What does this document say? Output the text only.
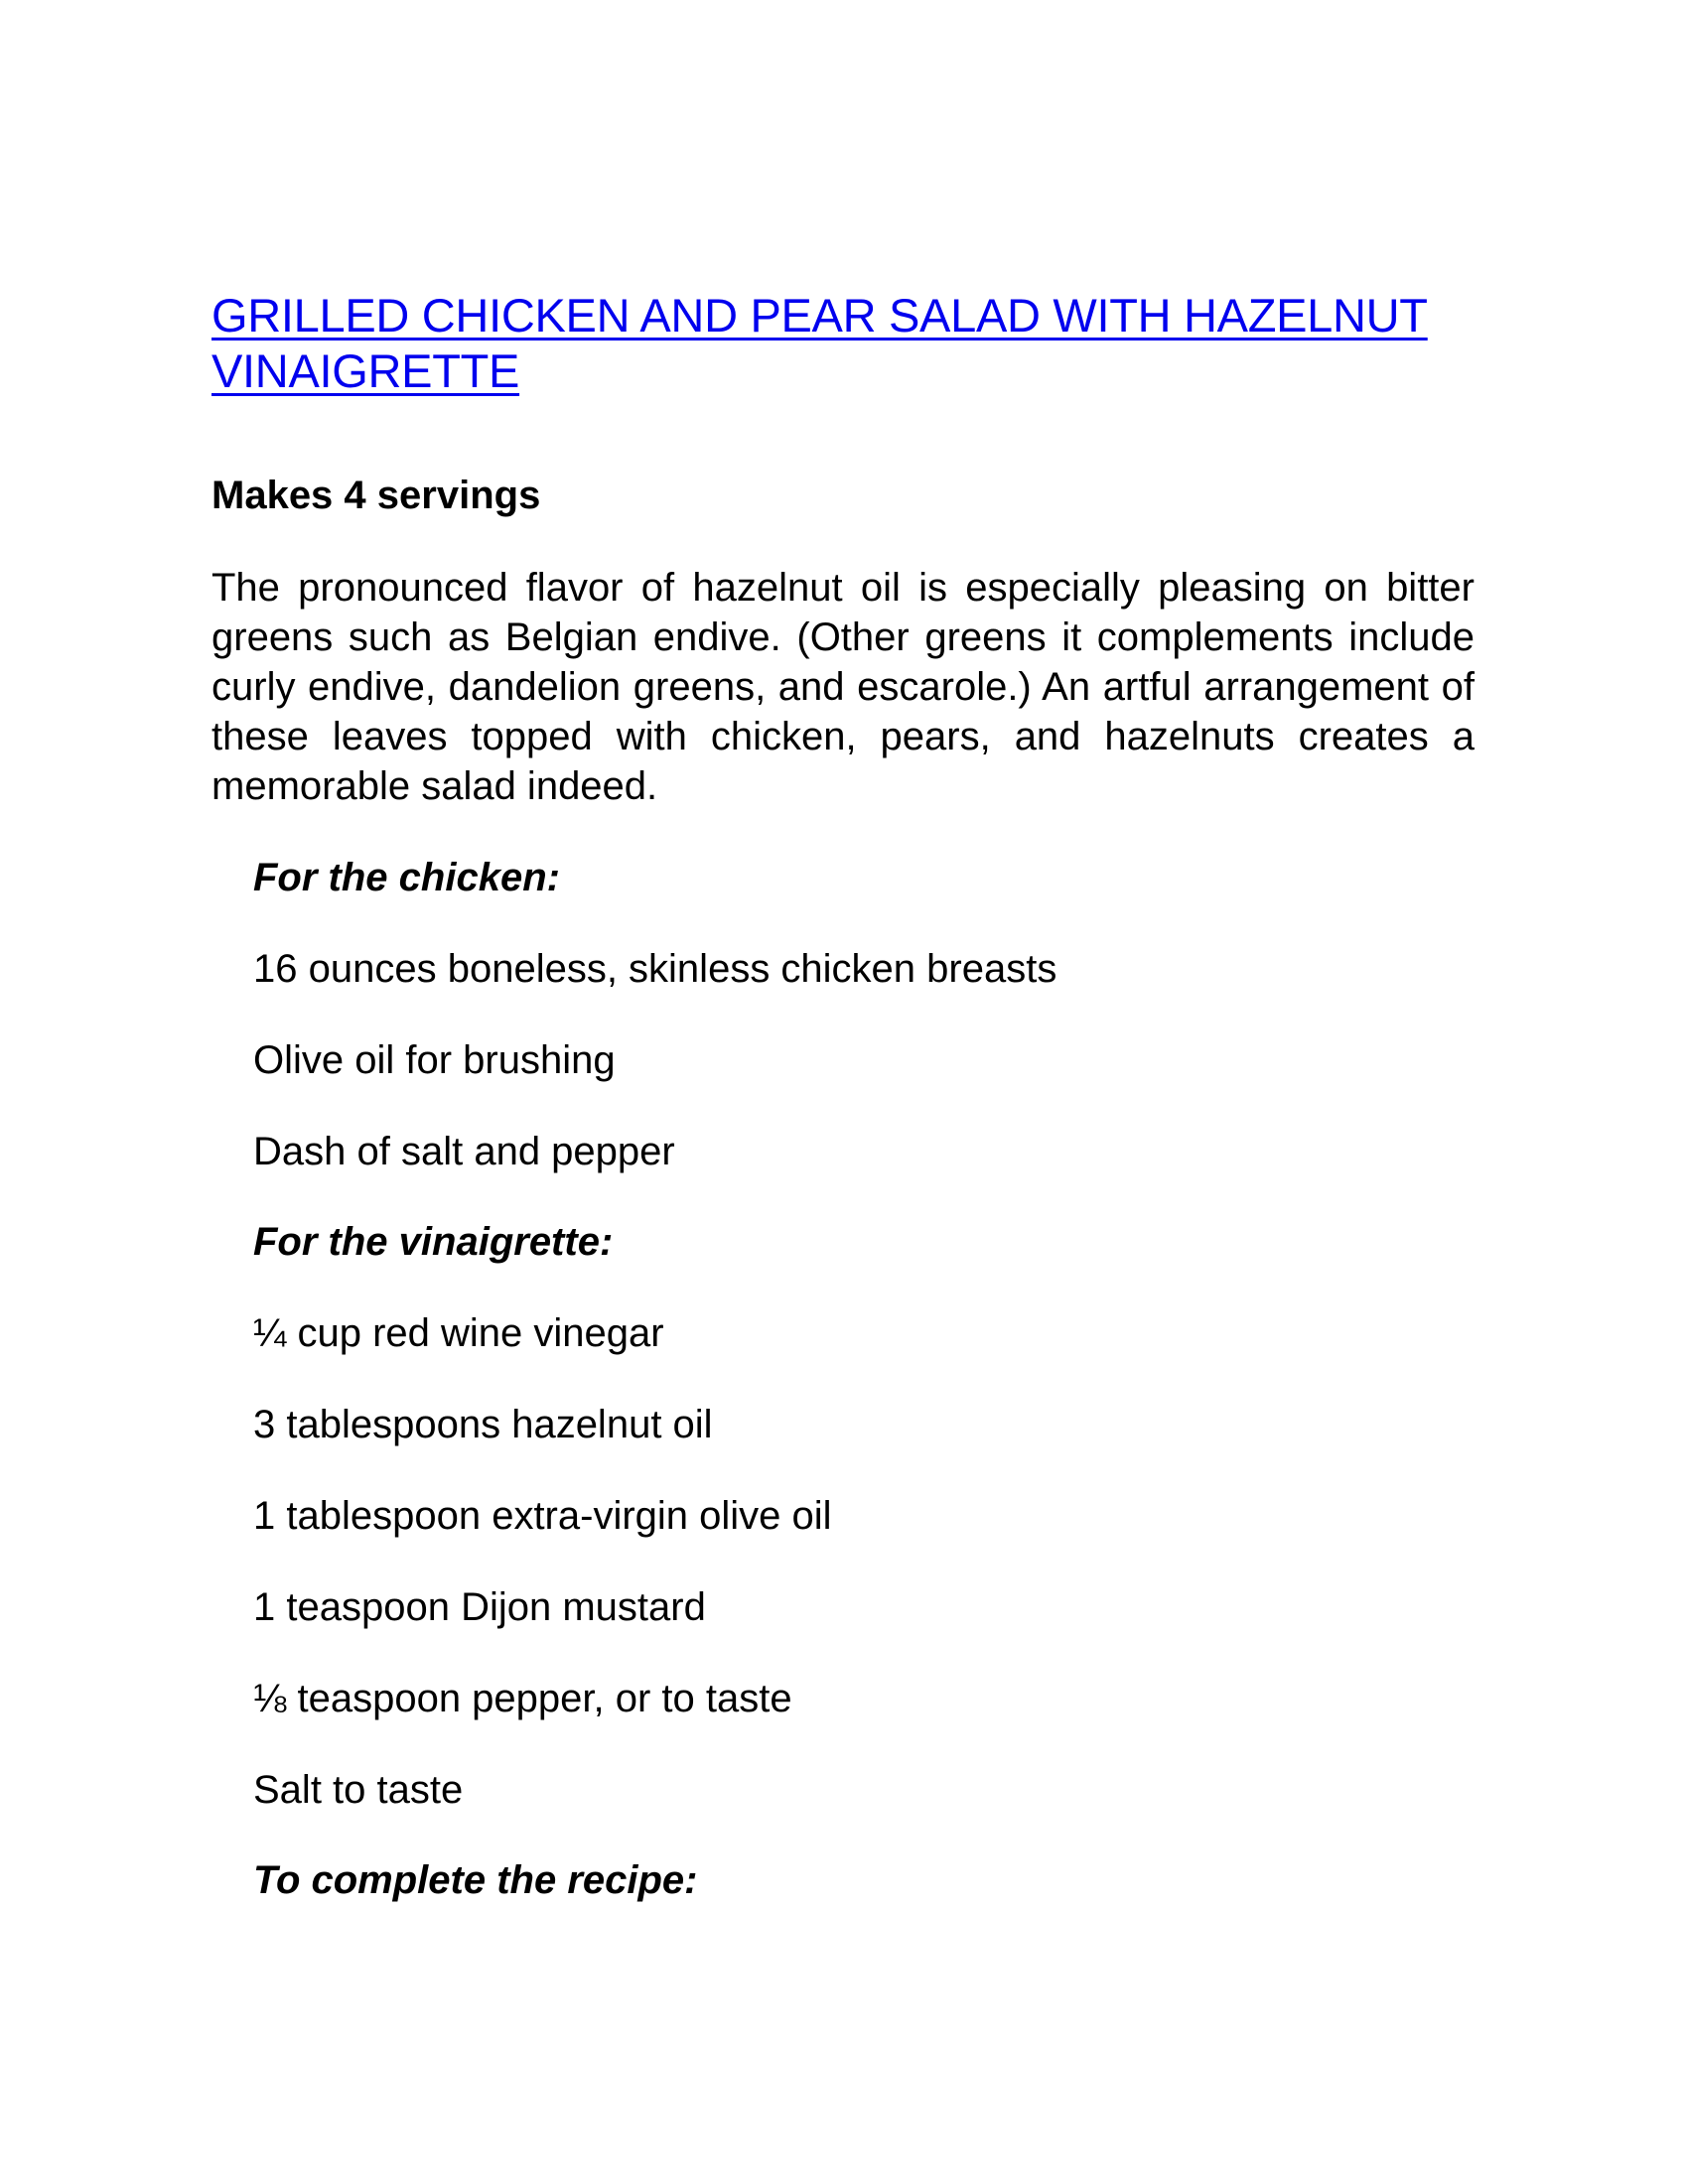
GRILLED CHICKEN AND PEAR SALAD WITH HAZELNUT VINAIGRETTE
Makes 4 servings

The pronounced flavor of hazelnut oil is especially pleasing on bitter greens such as Belgian endive. (Other greens it complements include curly endive, dandelion greens, and escarole.) An artful arrangement of these leaves topped with chicken, pears, and hazelnuts creates a memorable salad indeed.

For the chicken:
16 ounces boneless, skinless chicken breasts
Olive oil for brushing
Dash of salt and pepper
For the vinaigrette:
¼ cup red wine vinegar
3 tablespoons hazelnut oil
1 tablespoon extra-virgin olive oil
1 teaspoon Dijon mustard
⅛ teaspoon pepper, or to taste
Salt to taste
To complete the recipe:
